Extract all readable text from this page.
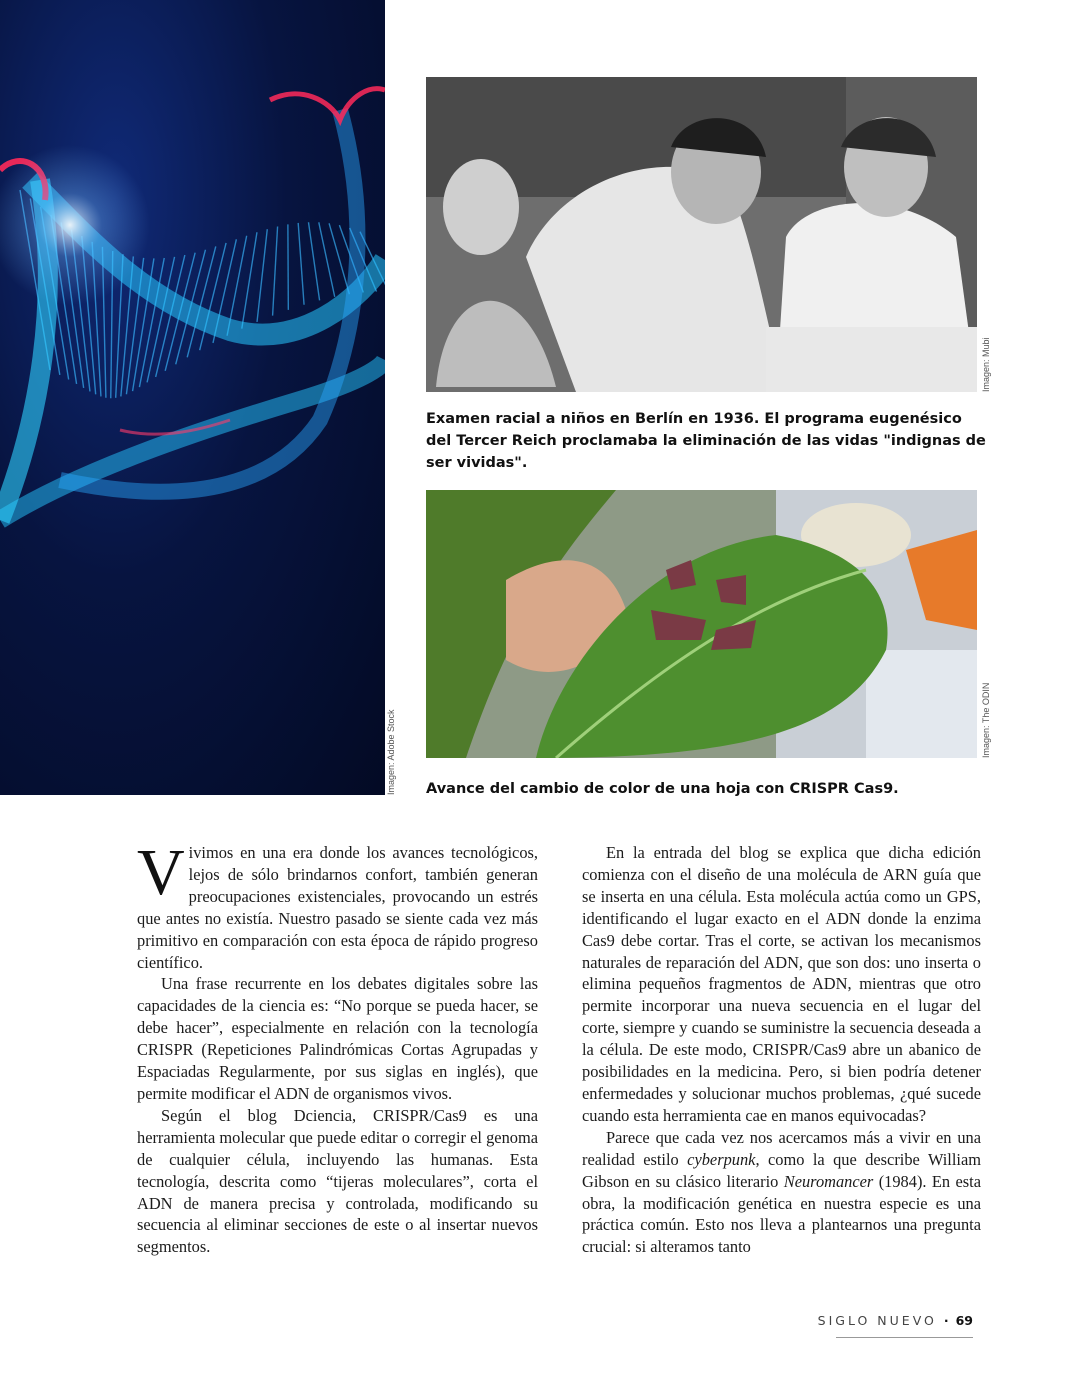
Imagen: Adobe Stock
Imagen: Mubi
Examen racial a niños en Berlín en 1936. El programa eugenésico del Tercer Reich proclamaba la eliminación de las vidas "indignas de ser vividas".
Imagen: The ODIN
Avance del cambio de color de una hoja con CRISPR Cas9.

Vivimos en una era donde los avances tecnológicos, lejos de sólo brindarnos confort, también generan preocupaciones existenciales, provocando un estrés que antes no existía. Nuestro pasado se siente cada vez más primitivo en comparación con esta época de rápido progreso científico.

Una frase recurrente en los debates digitales sobre las capacidades de la ciencia es: “No porque se pueda hacer, se debe hacer”, especialmente en relación con la tecnología CRISPR (Repeticiones Palindrómicas Cortas Agrupadas y Espaciadas Regularmente, por sus siglas en inglés), que permite modificar el ADN de organismos vivos.

Según el blog Dciencia, CRISPR/Cas9 es una herramienta molecular que puede editar o corregir el genoma de cualquier célula, incluyendo las humanas. Esta tecnología, descrita como “tijeras moleculares”, corta el ADN de manera precisa y controlada, modificando su secuencia al eliminar secciones de este o al insertar nuevos segmentos.

En la entrada del blog se explica que dicha edición comienza con el diseño de una molécula de ARN guía que se inserta en una célula. Esta molécula actúa como un GPS, identificando el lugar exacto en el ADN donde la enzima Cas9 debe cortar. Tras el corte, se activan los mecanismos naturales de reparación del ADN, que son dos: uno inserta o elimina pequeños fragmentos de ADN, mientras que otro permite incorporar una nueva secuencia en el lugar del corte, siempre y cuando se suministre la secuencia deseada a la célula. De este modo, CRISPR/Cas9 abre un abanico de posibilidades en la medicina. Pero, si bien podría detener enfermedades y solucionar muchos problemas, ¿qué sucede cuando esta herramienta cae en manos equivocadas?

Parece que cada vez nos acercamos más a vivir en una realidad estilo cyberpunk, como la que describe William Gibson en su clásico literario Neuromancer (1984). En esta obra, la modificación genética en nuestra especie es una práctica común. Esto nos lleva a plantearnos una pregunta crucial: si alteramos tanto

SIGLO NUEVO · 69
